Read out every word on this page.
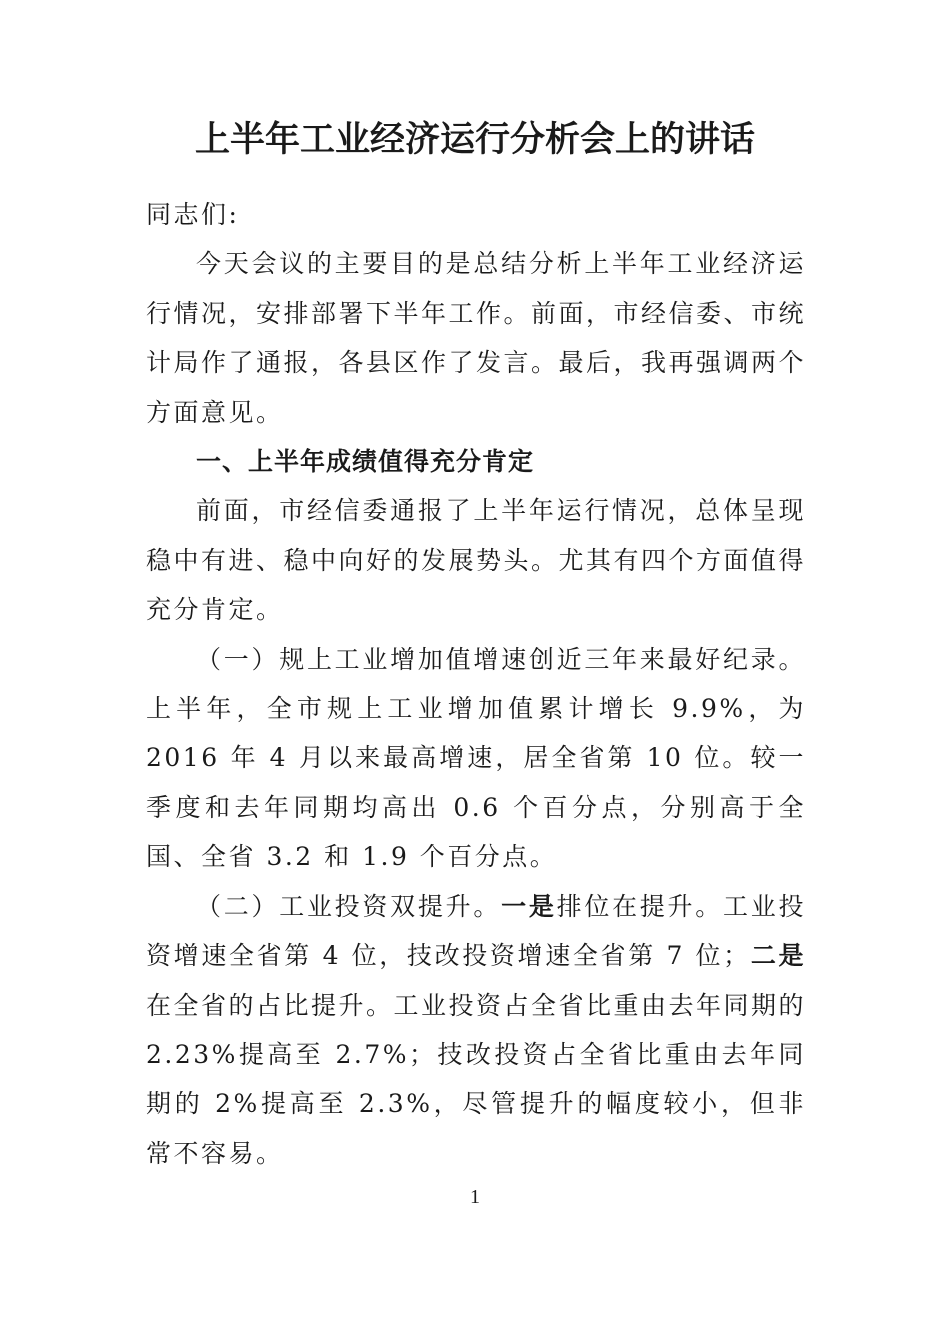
上半年工业经济运行分析会上的讲话

同志们:

今天会议的主要目的是总结分析上半年工业经济运行情况，安排部署下半年工作。前面，市经信委、市统计局作了通报，各县区作了发言。最后，我再强调两个方面意见。

一、上半年成绩值得充分肯定

前面，市经信委通报了上半年运行情况，总体呈现稳中有进、稳中向好的发展势头。尤其有四个方面值得充分肯定。

（一）规上工业增加值增速创近三年来最好纪录。上半年，全市规上工业增加值累计增长 9.9%，为 2016 年 4 月以来最高增速，居全省第 10 位。较一季度和去年同期均高出 0.6 个百分点，分别高于全国、全省 3.2 和 1.9 个百分点。

（二）工业投资双提升。一是排位在提升。工业投资增速全省第 4 位，技改投资增速全省第 7 位；二是在全省的占比提升。工业投资占全省比重由去年同期的 2.23%提高至 2.7%；技改投资占全省比重由去年同期的 2%提高至 2.3%，尽管提升的幅度较小，但非常不容易。

1
